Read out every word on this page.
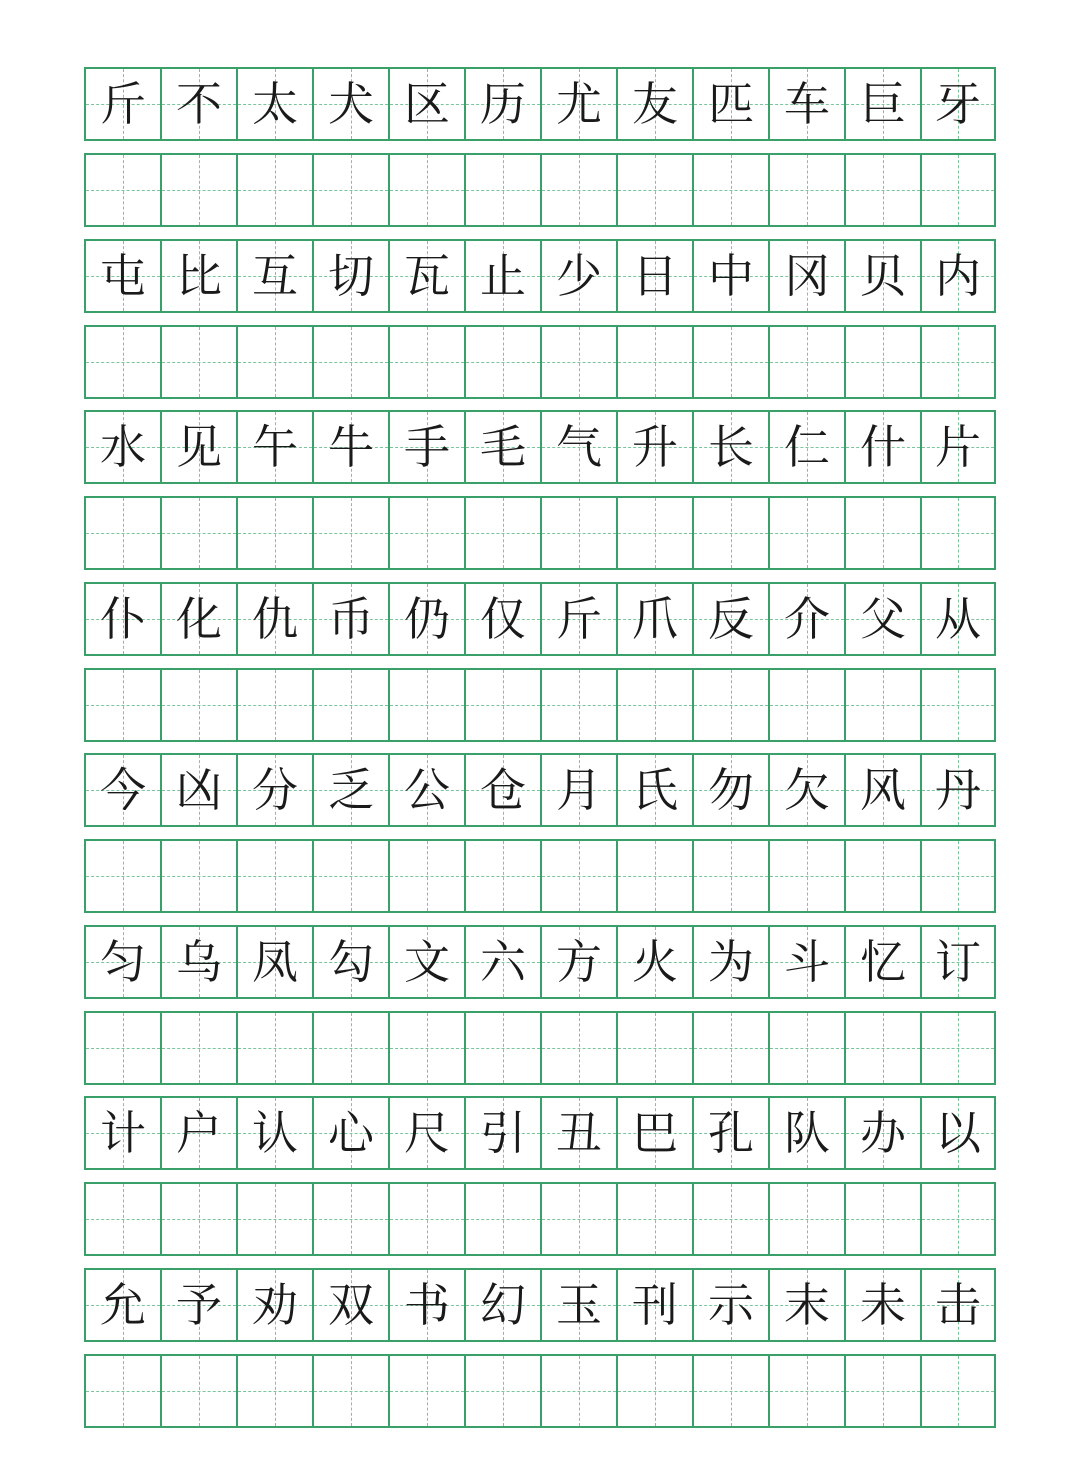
斤 不 太 犬 区 历 尤 友 匹 车 巨 牙
屯 比 互 切 瓦 止 少 日 中 冈 贝 内
水 见 午 牛 手 毛 气 升 长 仁 什 片
仆 化 仇 币 仍 仅 斤 爪 反 介 父 从
今 凶 分 乏 公 仓 月 氏 勿 欠 风 丹
匀 乌 凤 勾 文 六 方 火 为 斗 忆 订
计 户 认 心 尺 引 丑 巴 孔 队 办 以
允 予 劝 双 书 幻 玉 刊 示 末 未 击
